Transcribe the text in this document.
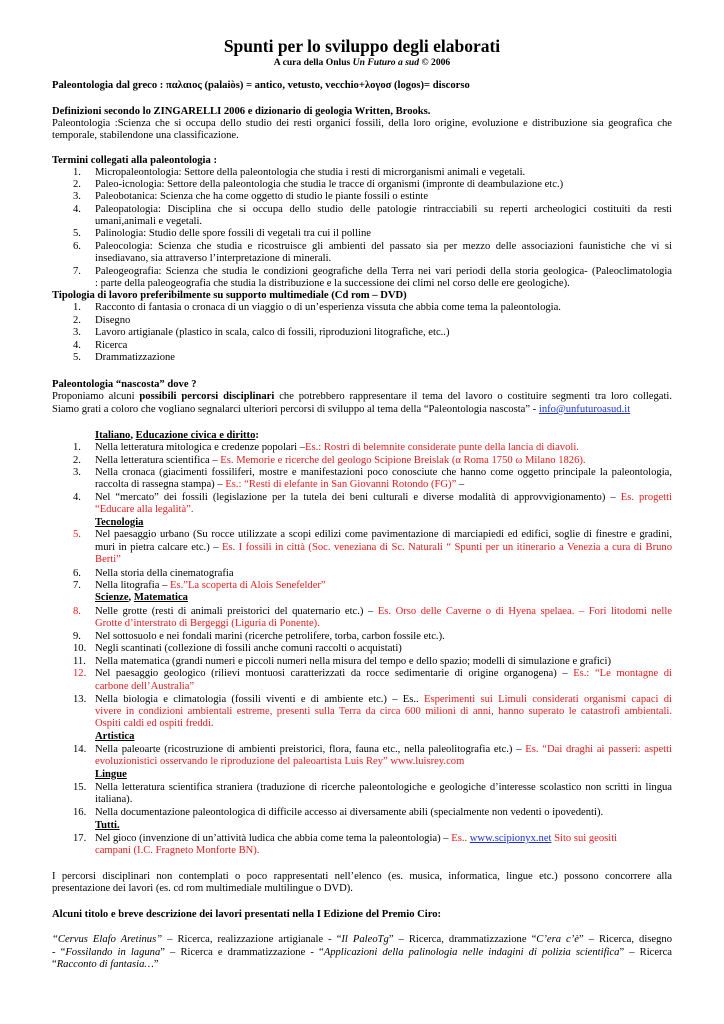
Spunti per lo sviluppo degli elaborati
A cura della Onlus Un Futuro a sud © 2006
Paleontologia dal greco : παλαιος (palaiòs) = antico, vetusto, vecchio+λογοσ (logos)= discorso
Definizioni secondo lo ZINGARELLI 2006 e dizionario di geologia Written, Brooks.
Paleontologia :Scienza che si occupa dello studio dei resti organici fossili, della loro origine, evoluzione e distribuzione sia geografica che
temporale, stabilendone una classificazione.
Termini collegati alla paleontologia :
1. Micropaleontologia: Settore della paleontologia che studia i resti di microrganismi animali e vegetali.
2. Paleo-icnologia: Settore della paleontologia che studia le tracce di organismi (impronte di deambulazione etc.)
3. Paleobotanica: Scienza che ha come oggetto di studio le piante fossili o estinte
4. Paleopatologia: Disciplina che si occupa dello studio delle patologie rintracciabili su reperti archeologici costituiti da resti
umani,animali e vegetali.
5. Palinologia: Studio delle spore fossili di vegetali tra cui il polline
6. Paleocologia: Scienza che studia e ricostruisce gli ambienti del passato sia per mezzo delle associazioni faunistiche che vi si
insediavano, sia attraverso l’interpretazione di minerali.
7. Paleogeografia: Scienza che studia le condizioni geografiche della Terra nei vari periodi della storia geologica- (Paleoclimatologia
: parte della paleogeografia che studia la distribuzione e la successione dei climi nel corso delle ere geologiche).
Tipologia di lavoro preferibilmente su supporto multimediale (Cd rom – DVD)
1. Racconto di fantasia o cronaca di un viaggio o di un’esperienza vissuta che abbia come tema la paleontologia.
2. Disegno
3. Lavoro artigianale (plastico in scala, calco di fossili, riproduzioni litografiche, etc..)
4. Ricerca
5. Drammatizzazione
Paleontologia “nascosta” dove ?
Proponiamo alcuni possibili percorsi disciplinari che potrebbero rappresentare il tema del lavoro o costituire segmenti tra loro collegati.
Siamo grati a coloro che vogliano segnalarci ulteriori percorsi di sviluppo al tema della “Paleontologia nascosta” - info@unfuturoasud.it
Italiano, Educazione civica e diritto:
1. Nella letteratura mitologica e credenze popolari –Es.: Rostri di belemnite considerate punte della lancia di diavoli.
2. Nella letteratura scientifica – Es. Memorie e ricerche del geologo Scipione Breislak (α Roma 1750 ω Milano 1826).
3. Nella cronaca (giacimenti fossiliferi, mostre e manifestazioni poco conosciute che hanno come oggetto principale la paleontologia,
raccolta di rassegna stampa) – Es.: “Resti di elefante in San Giovanni Rotondo (FG)” –
4. Nel “mercato” dei fossili (legislazione per la tutela dei beni culturali e diverse modalità di approvvigionamento) – Es. progetti
“Educare alla legalità”.
Tecnologia
5. Nel paesaggio urbano (Su rocce utilizzate a scopi edilizi come pavimentazione di marciapiedi ed edifici, soglie di finestre e gradini,
muri in pietra calcare etc.) – Es. I fossili in città (Soc. veneziana di Sc. Naturali “ Spunti per un itinerario a Venezia a cura di Bruno
Berti”
6. Nella storia della cinematografia
7. Nella litografia – Es.”La scoperta di Alois Senefelder”
Scienze, Matematica
8. Nelle grotte (resti di animali preistorici del quaternario etc.) – Es. Orso delle Caverne o di Hyena spelaea. – Fori litodomi nelle
Grotte d’interstrato di Bergeggi (Liguria di Ponente).
9. Nel sottosuolo e nei fondali marini (ricerche petrolifere, torba, carbon fossile etc.).
10. Negli scantinati (collezione di fossili anche comuni raccolti o acquistati)
11. Nella matematica (grandi numeri e piccoli numeri nella misura del tempo e dello spazio; modelli di simulazione e grafici)
12. Nel paesaggio geologico (rilievi montuosi caratterizzati da rocce sedimentarie di origine organogena) – Es.: “Le montagne di
carbone dell’Australia”
13. Nella biologia e climatologia (fossili viventi e di ambiente etc.) – Es.. Esperimenti sui Limuli considerati organismi capaci di
vivere in condizioni ambientali estreme, presenti sulla Terra da circa 600 milioni di anni, hanno superato le catastrofi ambientali.
Ospiti caldi ed ospiti freddi.
Artistica
14. Nella paleoarte (ricostruzione di ambienti preistorici, flora, fauna etc., nella paleolitografia etc.) – Es. “Dai draghi ai passeri: aspetti
evoluzionistici osservando le riproduzione del paleoartista Luis Rey” www.luisrey.com
Lingue
15. Nella letteratura scientifica straniera (traduzione di ricerche paleontologiche e geologiche d’interesse scolastico non scritti in lingua
italiana).
16. Nella documentazione paleontologica di difficile accesso ai diversamente abili (specialmente non vedenti o ipovedenti).
Tutti.
17. Nel gioco (invenzione di un’attività ludica che abbia come tema la paleontologia) – Es.. www.scipionyx.net Sito sui geositi
campani (I.C. Fragneto Monforte BN).
I percorsi disciplinari non contemplati o poco rappresentati nell’elenco (es. musica, informatica, lingue etc.) possono concorrere alla
presentazione dei lavori (es. cd rom multimediale multilingue o DVD).
Alcuni titolo e breve descrizione dei lavori presentati nella I Edizione del Premio Ciro:
“Cervus Elafo Aretinus” – Ricerca, realizzazione artigianale - “Il PaleoTg” – Ricerca, drammatizzazione “C’era c’è” – Ricerca, disegno
- “Fossilando in laguna” – Ricerca e drammatizzazione - “Applicazioni della palinologia nelle indagini di polizia scientifica” – Ricerca
“Racconto di fantasia…”
